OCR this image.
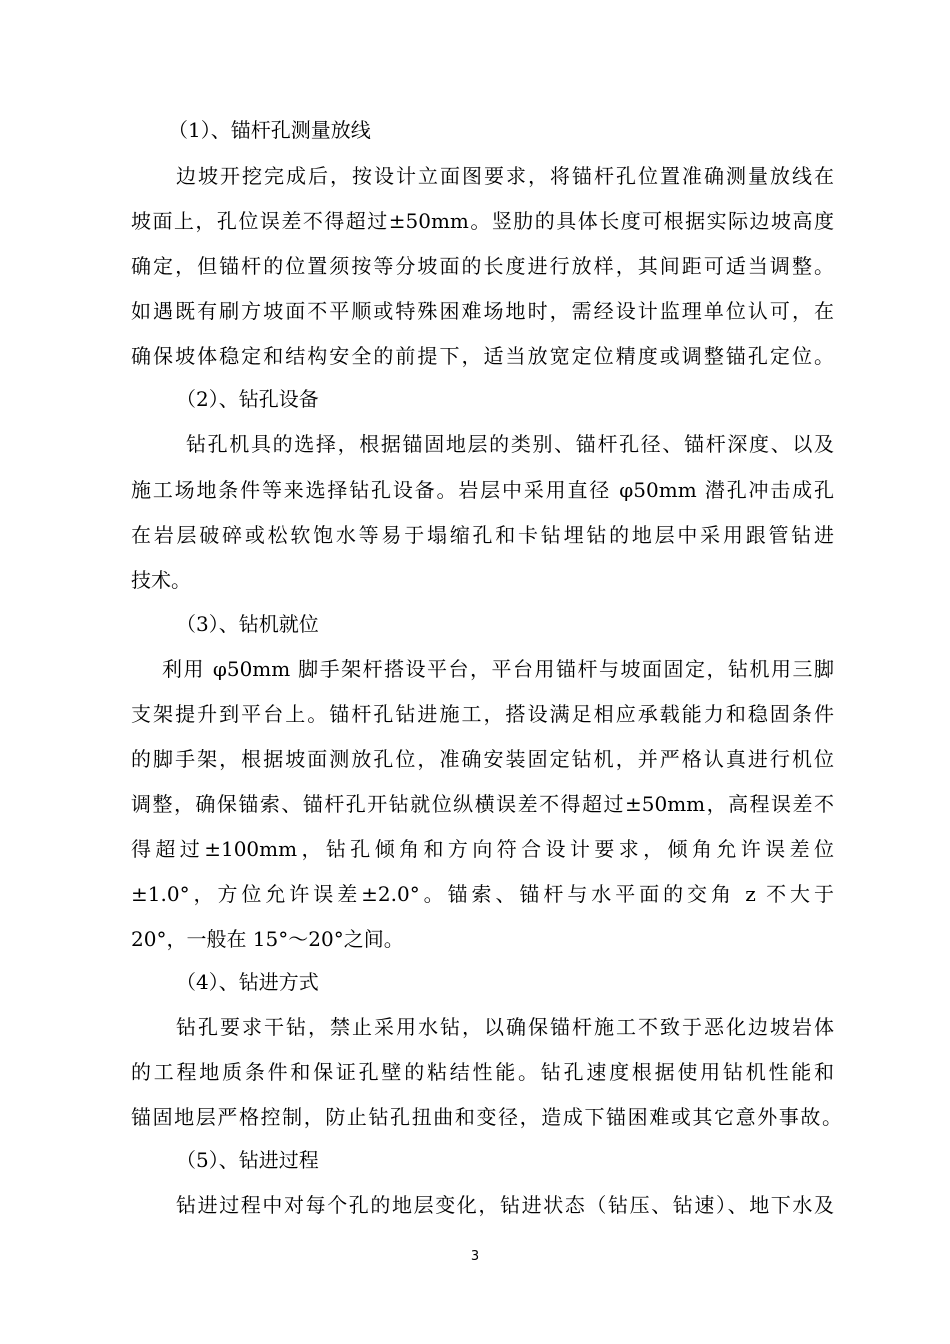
（1）、锚杆孔测量放线
边坡开挖完成后，按设计立面图要求，将锚杆孔位置准确测量放线在
坡面上，孔位误差不得超过±50mm。竖肋的具体长度可根据实际边坡高度
确定，但锚杆的位置须按等分坡面的长度进行放样，其间距可适当调整。
如遇既有刷方坡面不平顺或特殊困难场地时，需经设计监理单位认可，在
确保坡体稳定和结构安全的前提下，适当放宽定位精度或调整锚孔定位。
（2）、钻孔设备
钻孔机具的选择，根据锚固地层的类别、锚杆孔径、锚杆深度、以及
施工场地条件等来选择钻孔设备。岩层中采用直径 φ50mm 潜孔冲击成孔
在岩层破碎或松软饱水等易于塌缩孔和卡钻埋钻的地层中采用跟管钻进
技术。
（3）、钻机就位
利用 φ50mm 脚手架杆搭设平台，平台用锚杆与坡面固定，钻机用三脚
支架提升到平台上。锚杆孔钻进施工，搭设满足相应承载能力和稳固条件
的脚手架，根据坡面测放孔位，准确安装固定钻机，并严格认真进行机位
调整，确保锚索、锚杆孔开钻就位纵横误差不得超过±50mm，高程误差不
得超过±100mm，钻孔倾角和方向符合设计要求，倾角允许误差位
±1.0°，方位允许误差±2.0°。锚索、锚杆与水平面的交角 z 不大于
20°，一般在 15°～20°之间。
（4）、钻进方式
钻孔要求干钻，禁止采用水钻，以确保锚杆施工不致于恶化边坡岩体
的工程地质条件和保证孔壁的粘结性能。钻孔速度根据使用钻机性能和
锚固地层严格控制，防止钻孔扭曲和变径，造成下锚困难或其它意外事故。
（5）、钻进过程
钻进过程中对每个孔的地层变化，钻进状态（钻压、钻速）、地下水及
3
